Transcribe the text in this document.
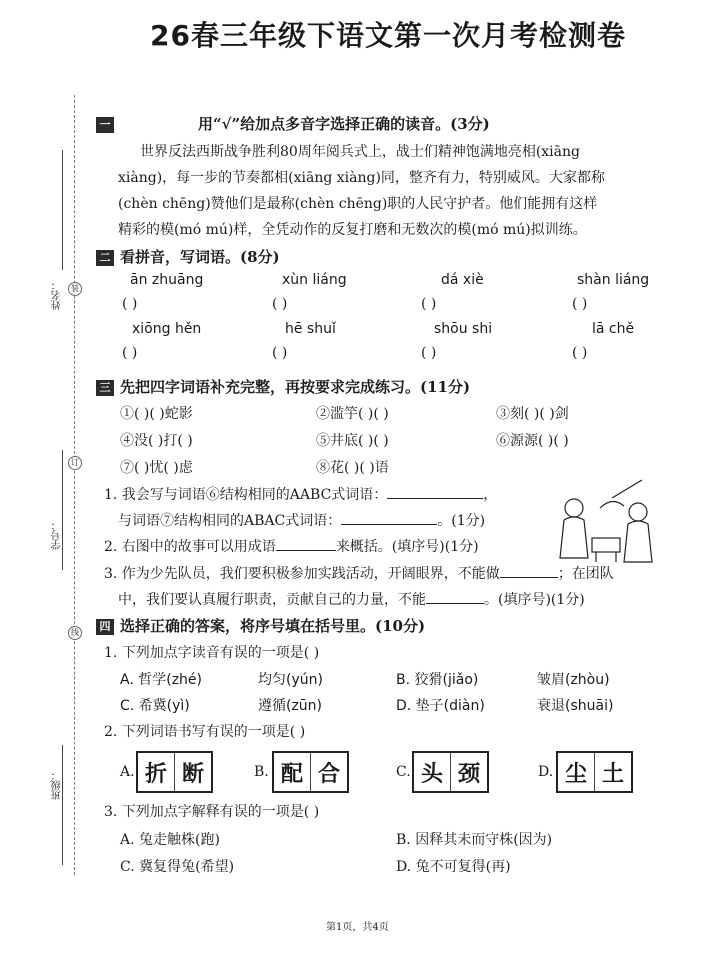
26春三年级下语文第一次月考检测卷
姓名：
学号：
班级：
装
订
线
一	用“√”给加点多音字选择正确的读音。(3分)
世界反法西斯战争胜利80周年阅兵式上，战士们精神饱满地亮相(xiāng
xiàng)，每一步的节奏都相(xiāng xiàng)同，整齐有力，特别威风。大家都称
(chèn chēng)赞他们是最称(chèn chēng)职的人民守护者。他们能拥有这样
精彩的模(mó mú)样，全凭动作的反复打磨和无数次的模(mó mú)拟训练。
二 看拼音，写词语。(8分)
ān zhuāng	xùn liáng	dá xiè	shàn liáng
( )	( )	( )	( )
xiōng hěn	hē shuǐ	shōu shi	lā chě
( )	( )	( )	( )
三 先把四字词语补充完整，再按要求完成练习。(11分)
①( )( )蛇影	②滥竽( )( )	③刻( )( )剑
④没( )打( )	⑤井底( )( )	⑥源源( )( )
⑦( )忧( )虑	⑧花( )( )语
1. 我会写与词语⑥结构相同的AABC式词语：	，
与词语⑦结构相同的ABAC式词语：	。(1分)
2. 右图中的故事可以用成语	来概括。(填序号)(1分)
3. 作为少先队员，我们要积极参加实践活动，开阔眼界，不能做	；在团队
中，我们要认真履行职责，贡献自己的力量，不能	。(填序号)(1分)
四 选择正确的答案，将序号填在括号里。(10分)
1. 下列加点字读音有误的一项是( )
A. 哲学(zhé)	均匀(yún)	B. 狡猾(jiǎo)	皱眉(zhòu)
C. 希冀(yì)	遵循(zūn)	D. 垫子(diàn)	衰退(shuāi)
2. 下列词语书写有误的一项是( )
A. 折 断	B. 配 合	C. 头 颈	D. 尘 土
3. 下列加点字解释有误的一项是( )
A. 兔走触株(跑)	B. 因释其未而守株(因为)
C. 冀复得兔(希望)	D. 兔不可复得(再)
第1页，共4页
